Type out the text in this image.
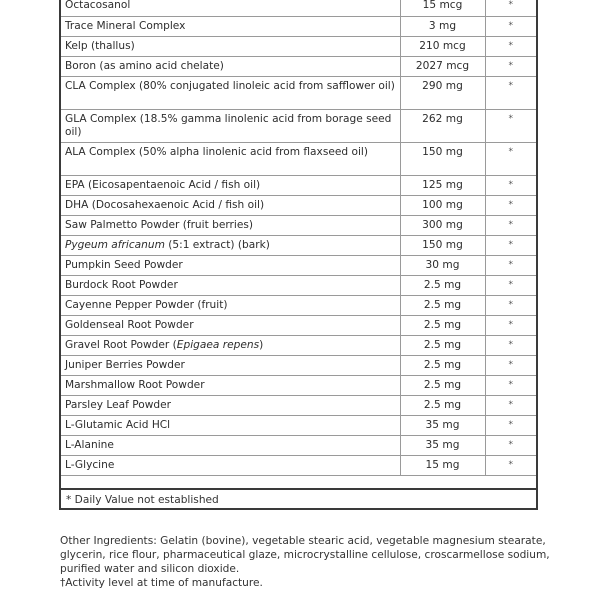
Octacosanol	15 mcg	*
Trace Mineral Complex	3 mg	*
Kelp (thallus)	210 mcg	*
Boron (as amino acid chelate)	2027 mcg	*
CLA Complex (80% conjugated linoleic acid from safflower oil)	290 mg	*
GLA Complex (18.5% gamma linolenic acid from borage seed oil)	262 mg	*
ALA Complex (50% alpha linolenic acid from flaxseed oil)	150 mg	*
EPA (Eicosapentaenoic Acid / fish oil)	125 mg	*
DHA (Docosahexaenoic Acid / fish oil)	100 mg	*
Saw Palmetto Powder (fruit berries)	300 mg	*
Pygeum africanum (5:1 extract) (bark)	150 mg	*
Pumpkin Seed Powder	30 mg	*
Burdock Root Powder	2.5 mg	*
Cayenne Pepper Powder (fruit)	2.5 mg	*
Goldenseal Root Powder	2.5 mg	*
Gravel Root Powder (Epigaea repens)	2.5 mg	*
Juniper Berries Powder	2.5 mg	*
Marshmallow Root Powder	2.5 mg	*
Parsley Leaf Powder	2.5 mg	*
L-Glutamic Acid HCl	35 mg	*
L-Alanine	35 mg	*
L-Glycine	15 mg	*
* Daily Value not established

Other Ingredients: Gelatin (bovine), vegetable stearic acid, vegetable magnesium stearate, glycerin, rice flour, pharmaceutical glaze, microcrystalline cellulose, croscarmellose sodium, purified water and silicon dioxide.

†Activity level at time of manufacture.
